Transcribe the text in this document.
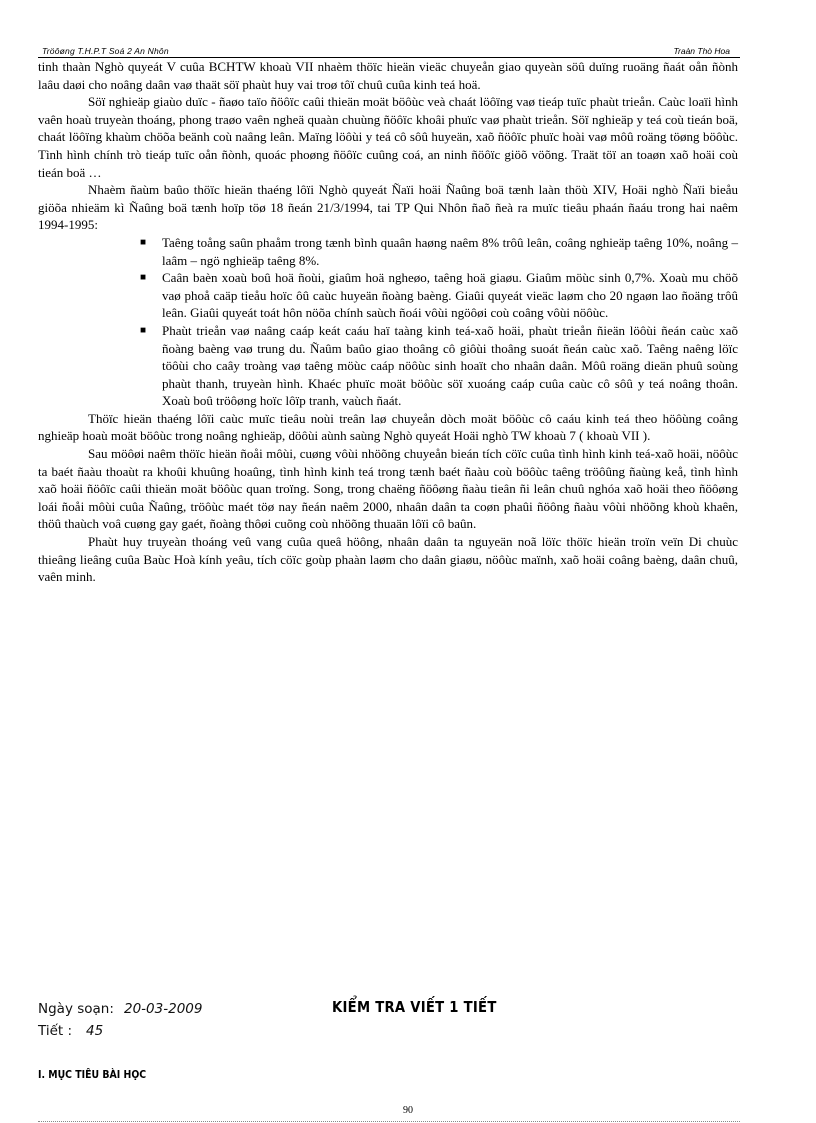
Tröôøng T.H.P.T Soá 2 An Nhôn	Traàn Thò Hoa

tinh thaàn Nghò quyeát V cuûa BCHTW khoaù VII nhaèm thöïc hieän vieäc chuyeån giao quyeàn söû duïng ruoäng ñaát oån ñònh laâu daøi cho noâng daân vaø thaät söï phaùt huy vai troø tôï chuû cuûa kinh teá hoä.

Söï nghieäp giaùo duïc - ñaøo taïo ñöôïc caûi thieän moät böôùc veà chaát löôïng vaø tieáp tuïc phaùt trieån. Caùc loaïi hình vaên hoaù truyeàn thoáng, phong traøo vaên ngheä quaàn chuùng ñöôïc khoâi phuïc vaø phaùt trieån. Söï nghieäp y teá coù tieán boä, chaát löôïng khaùm chöõa beänh coù naâng leân. Maïng löôùi y teá cô sôû huyeän, xaõ ñöôïc phuïc hoài vaø môû roäng töøng böôùc. Tình hình chính trò tieáp tuïc oån ñònh, quoác phoøng ñöôïc cuûng coá, an ninh ñöôïc giöõ vöõng. Traät töï an toaøn xaõ hoäi coù tieán boä …

Nhaèm ñaùm baûo thöïc hieän thaéng lôïi Nghò quyeát Ñaïi hoäi Ñaûng boä tænh laàn thöù XIV, Hoäi nghò Ñaïi bieåu giöõa nhieäm kì Ñaûng boä tænh hoïp töø 18 ñeán 21/3/1994, tai TP Qui Nhôn ñaõ ñeà ra muïc tieâu phaán ñaáu trong hai naêm 1994-1995:

■ Taêng toång saûn phaåm trong tænh bình quaân haøng naêm 8% trôû leân, coâng nghieäp taêng 10%, noâng – laâm – ngö nghieäp taêng 8%.
■ Caân baèn xoaù boû hoä ñoùi, giaûm hoä ngheøo, taêng hoä giaøu. Giaûm möùc sinh 0,7%. Xoaù mu chöõ vaø phoå caäp tieåu hoïc ôû caùc huyeän ñoàng baèng. Giaûi quyeát vieäc laøm cho 20 ngaøn lao ñoäng trôû leân. Giaûi quyeát toát hôn nöõa chính saùch ñoái vôùi ngöôøi coù coâng vôùi nöôùc.
■ Phaùt trieån vaø naâng caáp keát caáu haï taàng kinh teá-xaõ hoäi, phaùt trieån ñieän löôùi ñeán caùc xaõ ñoàng baèng vaø trung du. Ñaûm baûo giao thoâng cô giôùi thoâng suoát ñeán caùc xaõ. Taêng naêng löïc töôùi cho caây troàng vaø taêng möùc caáp nöôùc sinh hoaït cho nhaân daân. Môû roäng dieän phuû soùng phaùt thanh, truyeàn hình. Khaéc phuïc moät böôùc söï xuoáng caáp cuûa caùc cô sôû y teá noâng thoân. Xoaù boû tröôøng hoïc lôïp tranh, vaùch ñaát.

Thöïc hieän thaéng lôïi caùc muïc tieâu noùi treân laø chuyeån dòch moät böôùc cô caáu kinh teá theo höôùng coâng nghieäp hoaù moät böôùc trong noâng nghieäp, döôùi aùnh saùng Nghò quyeát Hoäi nghò TW khoaù 7 ( khoaù VII ).

Sau möôøi naêm thöïc hieän ñoåi môùi, cuøng vôùi nhöõng chuyeån bieán tích cöïc cuûa tình hình kinh teá-xaõ hoäi, nöôùc ta baét ñaàu thoaùt ra khoûi khuûng hoaûng, tình hình kinh teá trong tænh baét ñaàu coù böôùc taêng tröôûng ñaùng keå, tình hình xaõ hoäi ñöôïc caûi thieän moät böôùc quan troïng. Song, trong chaëng ñöôøng ñaàu tieân ñi leân chuû nghóa xaõ hoäi theo ñöôøng loái ñoåi môùi cuûa Ñaûng, tröôùc maét töø nay ñeán naêm 2000, nhaân daân ta coøn phaûi ñöông ñaàu vôùi nhöõng khoù khaên, thöû thaùch voâ cuøng gay gaét, ñoàng thôøi cuõng coù nhöõng thuaän lôïi cô baûn.

Phaùt huy truyeàn thoáng veû vang cuûa queâ höông, nhaân daân ta nguyeän noã löïc thöïc hieän troïn veïn Di chuùc thieâng lieâng cuûa Baùc Hoà kính yeâu, tích cöïc goùp phaàn laøm cho daân giaøu, nöôùc maïnh, xaõ hoäi coâng baèng, daân chuû, vaên minh.

Ngày soạn: 20-03-2009
Tiết : 45
KIỂM TRA VIẾT 1 TIẾT
I. MỤC TIÊU BÀI HỌC
90
